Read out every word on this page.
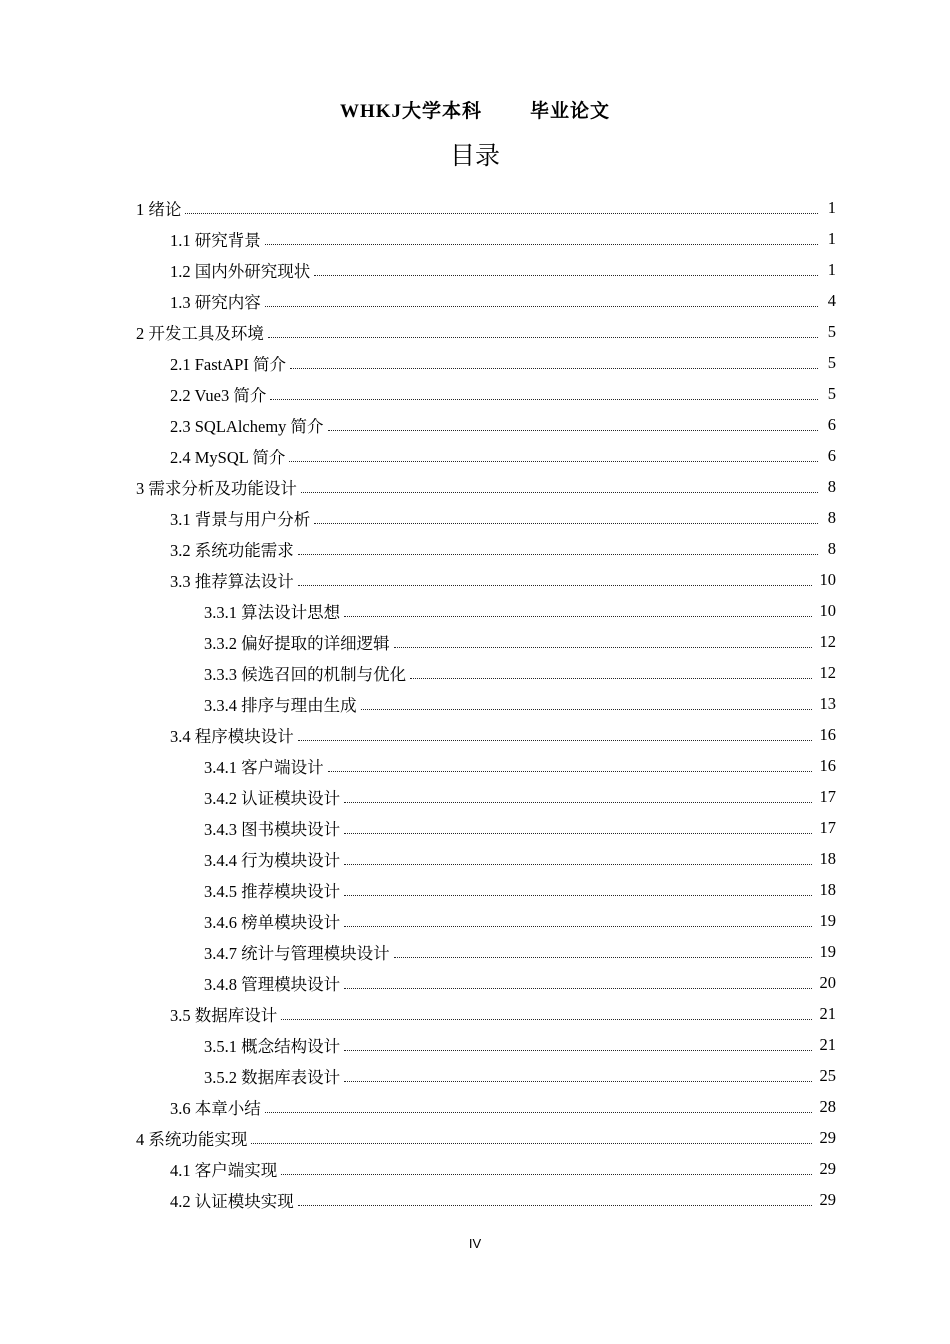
WHKJ大学本科	毕业论文
目录
1 绪论	1
1.1 研究背景	1
1.2 国内外研究现状	1
1.3 研究内容	4
2 开发工具及环境	5
2.1 FastAPI 简介	5
2.2 Vue3 简介	5
2.3 SQLAlchemy 简介	6
2.4 MySQL 简介	6
3 需求分析及功能设计	8
3.1 背景与用户分析	8
3.2 系统功能需求	8
3.3 推荐算法设计	10
3.3.1 算法设计思想	10
3.3.2 偏好提取的详细逻辑	12
3.3.3 候选召回的机制与优化	12
3.3.4 排序与理由生成	13
3.4 程序模块设计	16
3.4.1 客户端设计	16
3.4.2 认证模块设计	17
3.4.3 图书模块设计	17
3.4.4 行为模块设计	18
3.4.5 推荐模块设计	18
3.4.6 榜单模块设计	19
3.4.7 统计与管理模块设计	19
3.4.8 管理模块设计	20
3.5 数据库设计	21
3.5.1 概念结构设计	21
3.5.2 数据库表设计	25
3.6 本章小结	28
4 系统功能实现	29
4.1 客户端实现	29
4.2 认证模块实现	29
IV
